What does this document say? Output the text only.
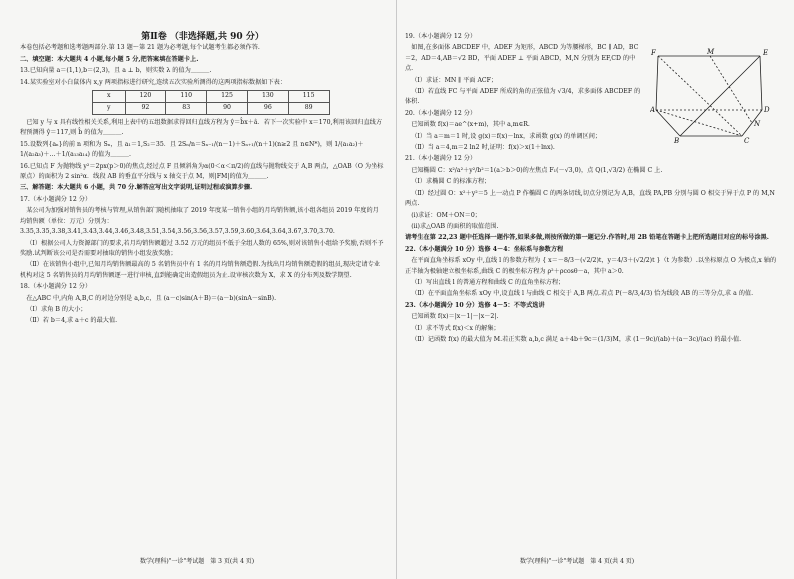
第Ⅱ卷 （非选择题,共 90 分）

本卷包括必考题和选考题两部分.第 13 题～第 21 题为必考题,每个试题考生都必须作答.

二、填空题：本大题共 4 小题,每小题 5 分,把答案填在答题卡上.

13.已知向量 a＝(1,1),b＝(2,3)，且 a ⊥ b，则实数 λ 的值为＿＿＿.

14.某实验室对小白鼠体内 x,y 两项指标进行研究,连续五次实验所测得的这两项指标数据如下表：

x	120	110	125	130	115
y	92	83	90	96	89

已知 y 与 x 具有线性相关关系,利用上表中的五组数据求得回归直线方程为 ŷ＝b̂x＋â．若下一次实验中 x＝170,利用该回归直线方程预测得 ŷ＝117,则 b̂ 的值为＿＿＿.

15.设数列{aₙ}的前 n 项和为 Sₙ，且 a₁＝1,S₂＝35．且 2Sₙ/n＝Sₙ₋₁/(n－1)＋Sₙ₊₁/(n＋1)(n≥2 且 n∈N*)，则 1/(a₁a₂)＋1/(a₂a₃)＋…＋1/(a₁₃a₁₄) 的值为＿＿＿.

16.已知点 F 为抛物线 y²＝2px(p＞0)的焦点,经过点 F 且倾斜角为α(0＜α＜π/2)的直线与抛物线交于 A,B 两点，△OAB（O 为坐标原点）的面积为 2 sin²α．线段 AB 的垂直平分线与 x 轴交于点 M，则|FM|的值为＿＿＿.

三、解答题：本大题共 6 小题，共 70 分.解答应写出文字说明,证明过程或演算步骤.

17.（本小题满分 12 分）

某公司为加强对销售员的考核与管理,从销售部门随机抽取了 2019 年度某一销售小组的月均销售额,该小组各组员 2019 年度的月均销售额（单位：万元）分别为：3.35,3.35,3.38,3.41,3.43,3.44,3.46,3.48,3.51,3.54,3.56,3.56,3.57,3.59,3.60,3.64,3.64,3.67,3.70,3.70.

（Ⅰ）根据公司人力资源部门的要求,若月均销售额超过 3.52 万元的组员不低于全组人数的 65%,则对该销售小组给予奖励,否则不予奖励.试判断该公司是否需要对抽取的销售小组发放奖励；

（Ⅱ）在该销售小组中,已知月均销售额最高的 5 名销售员中有 1 名的月均销售额造假.为找出月均销售额造假的组员,现决定请专业机构对这 5 名销售员的月均销售额逐一进行审核,直到能确定出造假组员为止.设审核次数为 X，求 X 的分布列及数学期望.

18.（本小题满分 12 分）

在△ABC 中,内角 A,B,C 的对边分别是 a,b,c，且 (a－c)sin(A＋B)＝(a－b)(sinA－sinB).

（Ⅰ）求角 B 的大小；

（Ⅱ）若 b＝4,求 a＋c 的最大值.

数学(理科)"一诊"考试题　第 3 页(共 4 页)

19.（本小题满分 12 分）

如图,在多面体 ABCDEF 中，ADEF 为矩形，ABCD 为等腰梯形，BC ∥ AD，BC＝2，AD＝4,AB＝√2 BD，平面 ADEF ⊥ 平面 ABCD，M,N 分别为 EF,CD 的中点.

（Ⅰ）求证：MN ∥ 平面 ACF；

（Ⅱ）若直线 FC 与平面 ADEF 所成的角的正弦值为 √3/4，求多面体 ABCDEF 的体积.

20.（本小题满分 12 分）

已知函数 f(x)＝ae^(x+m)，其中 a,m∈R.

（Ⅰ）当 a＝m＝1 时,设 g(x)＝f(x)－lnx，求函数 g(x) 的单调区间；

（Ⅱ）当 a＝4,m＝2 ln2 时,证明：f(x)＞x(1＋lnx).

21.（本小题满分 12 分）

已知椭圆 C：x²/a²＋y²/b²＝1(a＞b＞0)的左焦点 F₁(－√3,0)，点 Q(1,√3/2) 在椭圆 C 上.

（Ⅰ）求椭圆 C 的标准方程；

（Ⅱ）经过圆 O：x²＋y²＝5 上一动点 P 作椭圆 C 的两条切线,切点分别记为 A,B，直线 PA,PB 分别与圆 O 相交于异于点 P 的 M,N 两点.

(ⅰ)求证：OM＋ON＝0；

(ⅱ)求△OAB 的面积的取值范围.

请考生在第 22,23 题中任选择一题作答,如果多做,则按所做的第一题记分.作答时,用 2B 铅笔在答题卡上把所选题目对应的标号涂黑.

22.（本小题满分 10 分）选修 4－4：坐标系与参数方程

在平面直角坐标系 xOy 中,直线 l 的参数方程为 { x＝－8/3－(√2/2)t，y＝4/3＋(√2/2)t }（t 为参数）.以坐标原点 O 为极点,x 轴的正半轴为极轴建立极坐标系,曲线 C 的极坐标方程为 ρ²＋ρcosθ－a，其中 a＞0.

（Ⅰ）写出直线 l 的普通方程和曲线 C 的直角坐标方程；

（Ⅱ）在平面直角坐标系 xOy 中,设直线 l 与曲线 C 相交于 A,B 两点.若点 P(－8/3,4/3) 恰为线段 AB 的三等分点,求 a 的值.

23.（本小题满分 10 分）选修 4－5：不等式选讲

已知函数 f(x)＝|x－1|－|x－2|.

（Ⅰ）求不等式 f(x)＜x 的解集；

（Ⅱ）记函数 f(x) 的最大值为 M.若正实数 a,b,c 满足 a＋4b＋9c＝(1/3)M，求 (1－9c)/(ab)＋(a－3c)/(ac) 的最小值.

数学(理科)"一诊"考试题　第 4 页(共 4 页)
F	E
M
A	D
B
N
C
